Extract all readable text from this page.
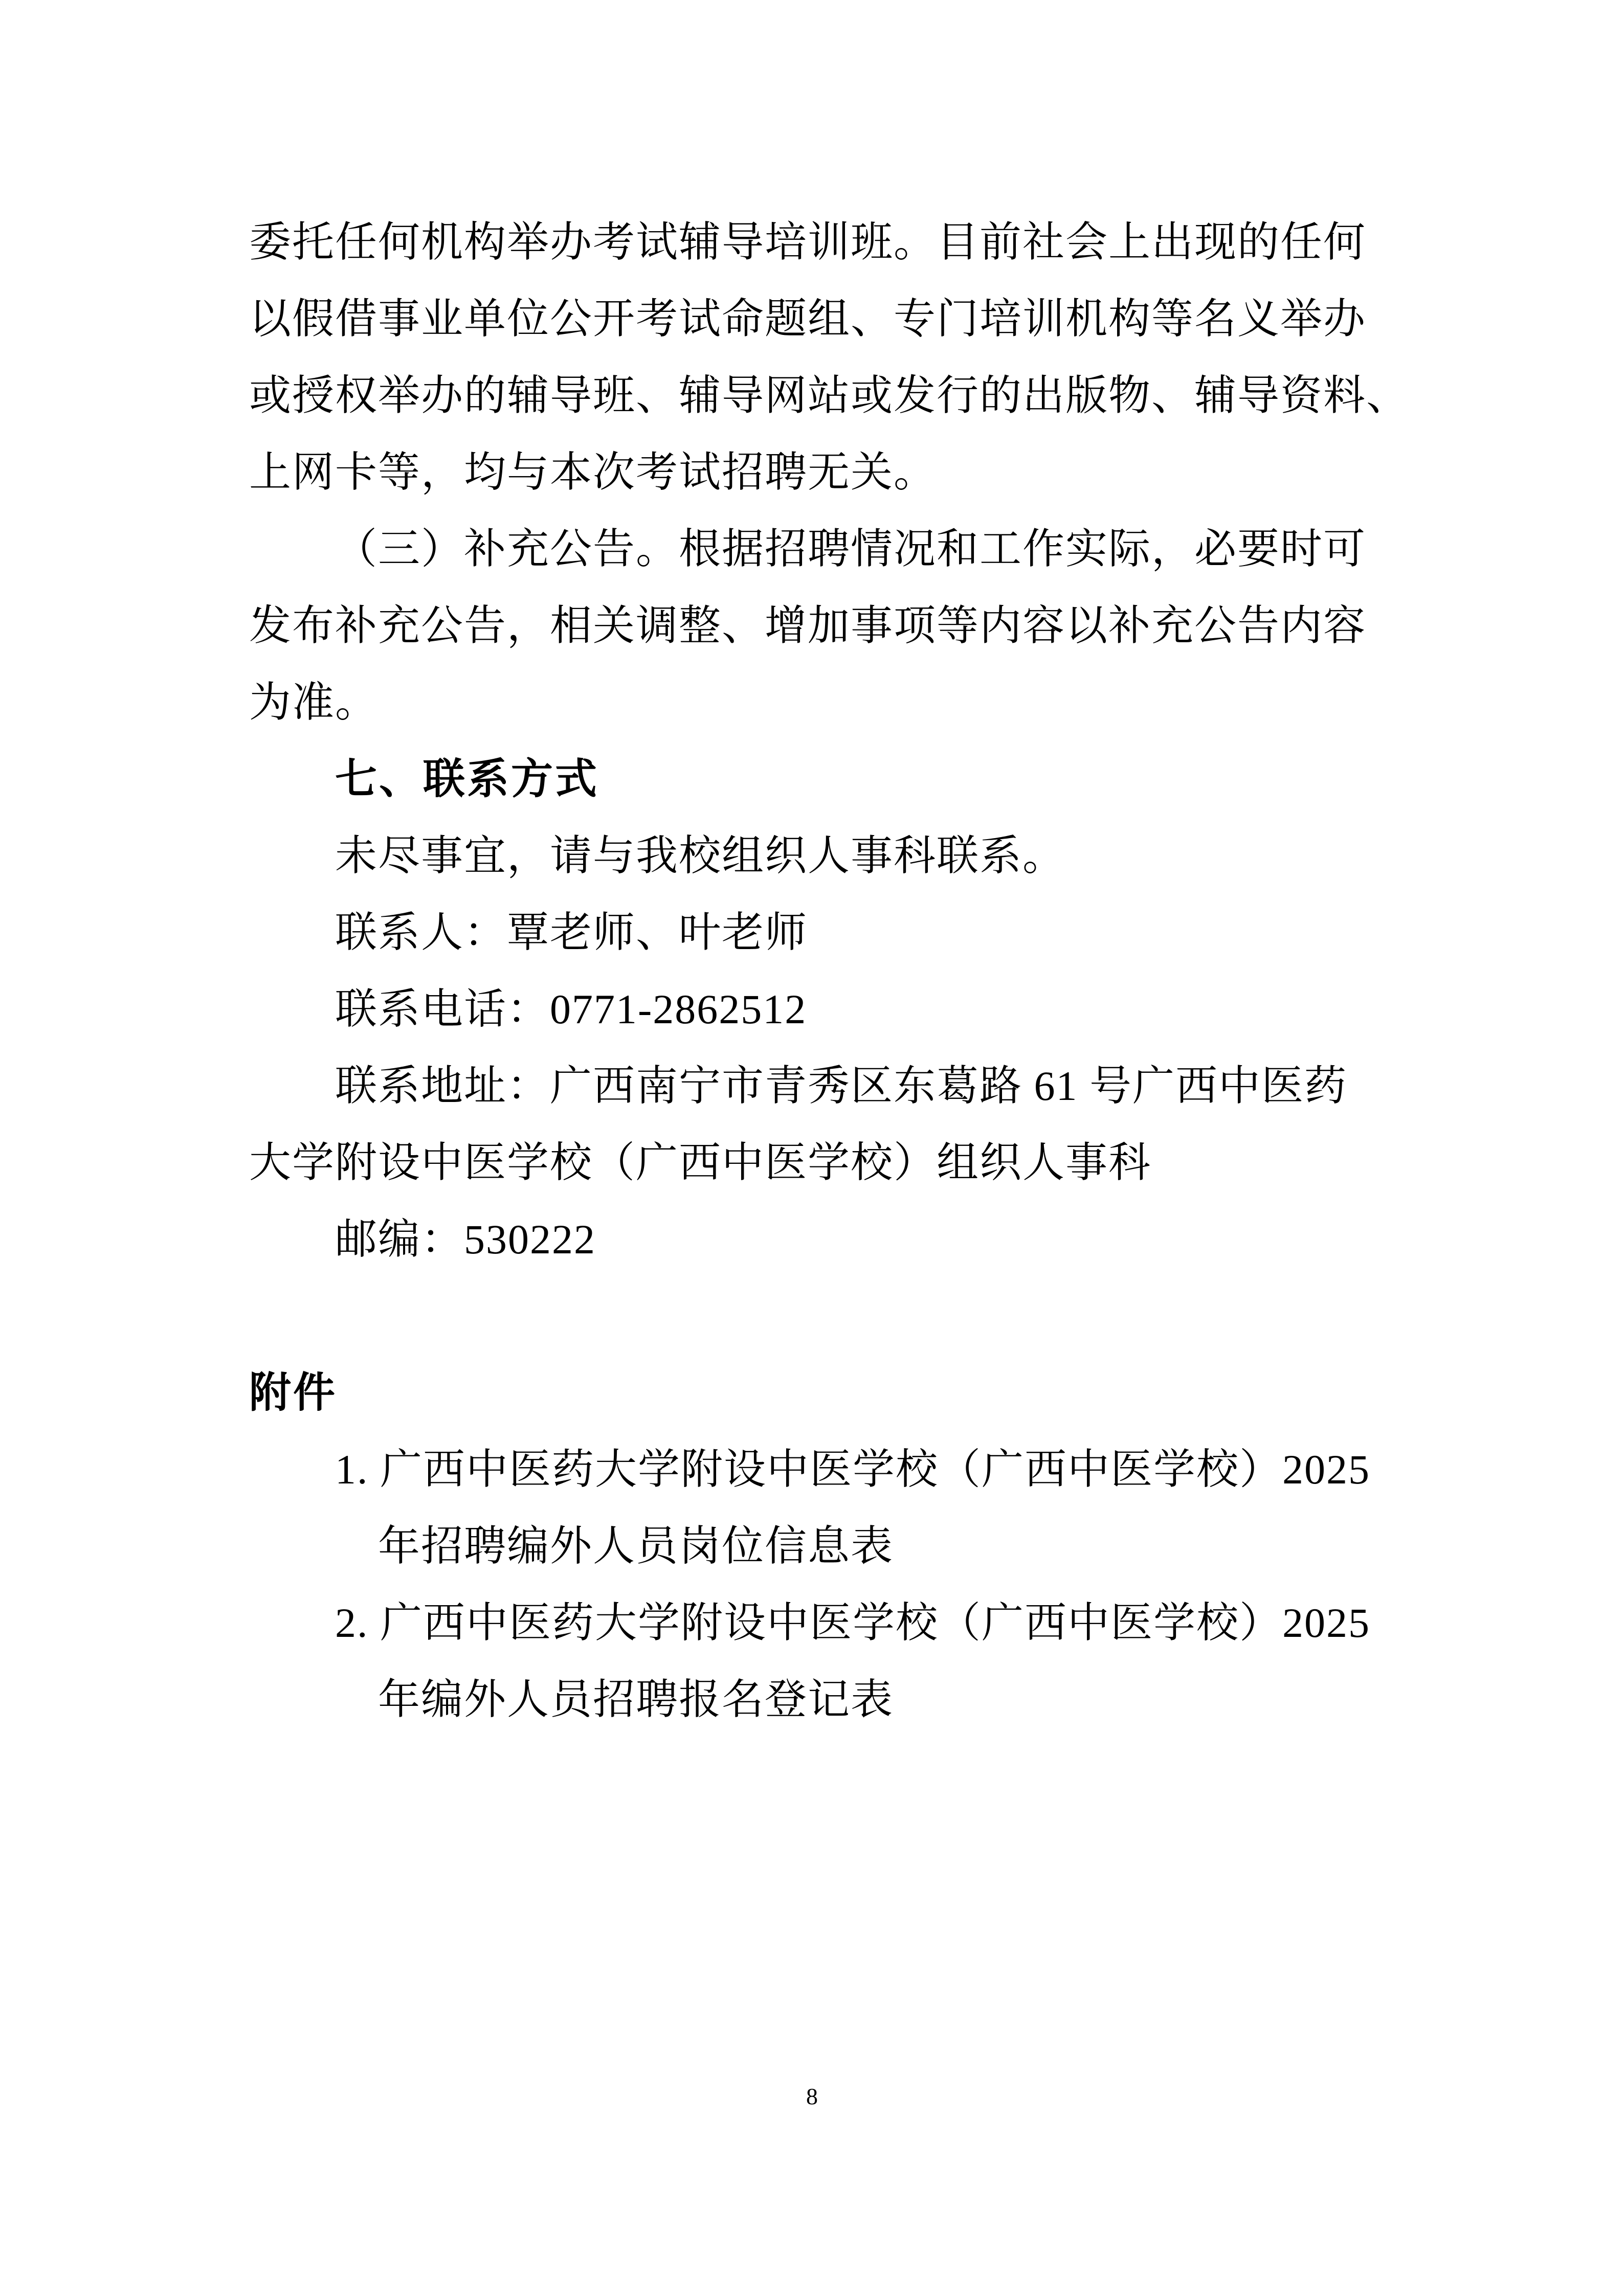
委托任何机构举办考试辅导培训班。目前社会上出现的任何
以假借事业单位公开考试命题组、专门培训机构等名义举办
或授权举办的辅导班、辅导网站或发行的出版物、辅导资料、
上网卡等，均与本次考试招聘无关。
（三）补充公告。根据招聘情况和工作实际，必要时可
发布补充公告，相关调整、增加事项等内容以补充公告内容
为准。
七、联系方式
未尽事宜，请与我校组织人事科联系。
联系人：覃老师、叶老师
联系电话：0771-2862512
联系地址：广西南宁市青秀区东葛路 61 号广西中医药
大学附设中医学校（广西中医学校）组织人事科
邮编：530222
附件
1. 广西中医药大学附设中医学校（广西中医学校）2025
年招聘编外人员岗位信息表
2. 广西中医药大学附设中医学校（广西中医学校）2025
年编外人员招聘报名登记表
8
